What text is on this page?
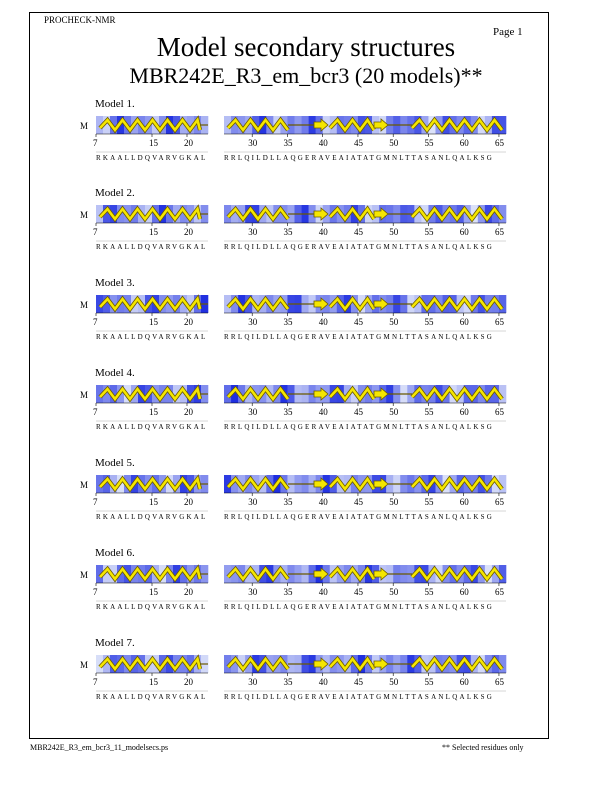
PROCHECK-NMR
Page 1
Model secondary structures
MBR242E_R3_em_bcr3 (20 models)**
Model 1.
M
7	15	20	30	35	40	45	50	55	60	65
RKAALLDQVARVGKAL RRLQILDLLAQGERAVEAIATATGMNLTTASANLQALKSG
Model 2.
M
7	15	20	30	35	40	45	50	55	60	65
RKAALLDQVARVGKAL RRLQILDLLAQGERAVEAIATATGMNLTTASANLQALKSG
Model 3.
M
7	15	20	30	35	40	45	50	55	60	65
RKAALLDQVARVGKAL RRLQILDLLAQGERAVEAIATATGMNLTTASANLQALKSG
Model 4.
M
7	15	20	30	35	40	45	50	55	60	65
RKAALLDQVARVGKAL RRLQILDLLAQGERAVEAIATATGMNLTTASANLQALKSG
Model 5.
M
7	15	20	30	35	40	45	50	55	60	65
RKAALLDQVARVGKAL RRLQILDLLAQGERAVEAIATATGMNLTTASANLQALKSG
Model 6.
M
7	15	20	30	35	40	45	50	55	60	65
RKAALLDQVARVGKAL RRLQILDLLAQGERAVEAIATATGMNLTTASANLQALKSG
Model 7.
M
7	15	20	30	35	40	45	50	55	60	65
RKAALLDQVARVGKAL RRLQILDLLAQGERAVEAIATATGMNLTTASANLQALKSG
MBR242E_R3_em_bcr3_11_modelsecs.ps	** Selected residues only
